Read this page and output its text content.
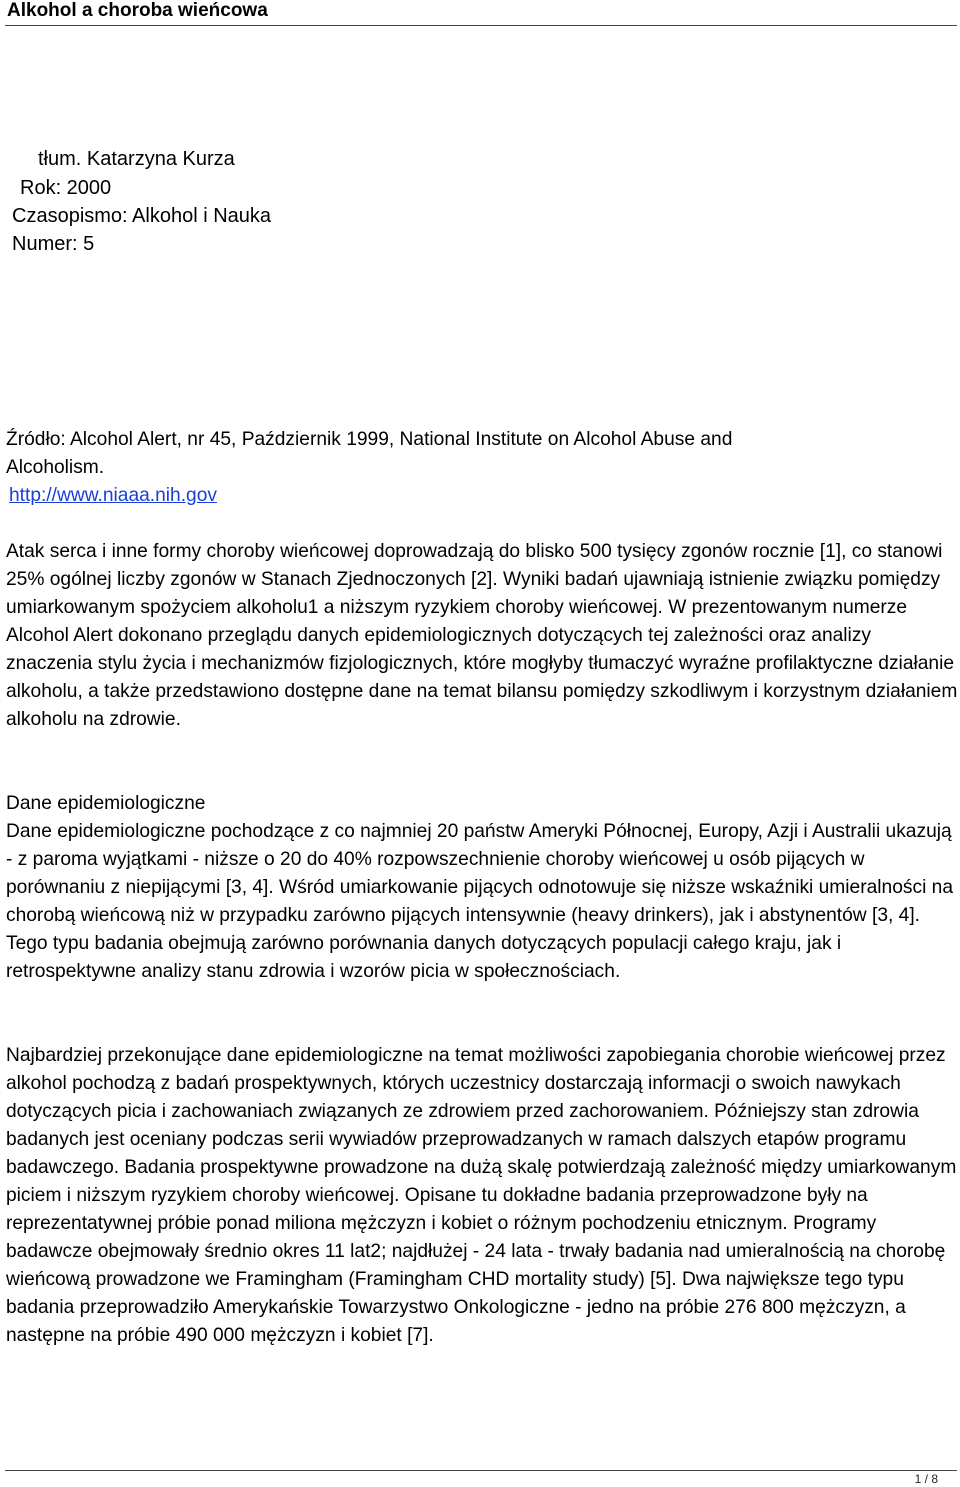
Alkohol a choroba wieńcowa
tłum. Katarzyna Kurza
Rok: 2000
Czasopismo: Alkohol i Nauka
Numer: 5
Źródło: Alcohol Alert, nr 45, Październik 1999, National Institute on Alcohol Abuse and
Alcoholism.
http://www.niaaa.nih.gov

Atak serca i inne formy choroby wieńcowej doprowadzają do blisko 500 tysięcy zgonów rocznie [1], co stanowi 25% ogólnej liczby zgonów w Stanach Zjednoczonych [2]. Wyniki badań ujawniają istnienie związku pomiędzy umiarkowanym spożyciem alkoholu1 a niższym ryzykiem choroby wieńcowej. W prezentowanym numerze Alcohol Alert dokonano przeglądu danych epidemiologicznych dotyczących tej zależności oraz analizy znaczenia stylu życia i mechanizmów fizjologicznych, które mogłyby tłumaczyć wyraźne profilaktyczne działanie alkoholu, a także przedstawiono dostępne dane na temat bilansu pomiędzy szkodliwym i korzystnym działaniem alkoholu na zdrowie.

Dane epidemiologiczne

Dane epidemiologiczne pochodzące z co najmniej 20 państw Ameryki Północnej, Europy, Azji i Australii ukazują - z paroma wyjątkami - niższe o 20 do 40% rozpowszechnienie choroby wieńcowej u osób pijących w porównaniu z niepijącymi [3, 4]. Wśród umiarkowanie pijących odnotowuje się niższe wskaźniki umieralności na chorobą wieńcową niż w przypadku zarówno pijących intensywnie (heavy drinkers), jak i abstynentów [3, 4]. Tego typu badania obejmują zarówno porównania danych dotyczących populacji całego kraju, jak i retrospektywne analizy stanu zdrowia i wzorów picia w społecznościach.

Najbardziej przekonujące dane epidemiologiczne na temat możliwości zapobiegania chorobie wieńcowej przez alkohol pochodzą z badań prospektywnych, których uczestnicy dostarczają informacji o swoich nawykach dotyczących picia i zachowaniach związanych ze zdrowiem przed zachorowaniem. Późniejszy stan zdrowia badanych jest oceniany podczas serii wywiadów przeprowadzanych w ramach dalszych etapów programu badawczego. Badania prospektywne prowadzone na dużą skalę potwierdzają zależność między umiarkowanym piciem i niższym ryzykiem choroby wieńcowej. Opisane tu dokładne badania przeprowadzone były na reprezentatywnej próbie ponad miliona mężczyzn i kobiet o różnym pochodzeniu etnicznym. Programy badawcze obejmowały średnio okres 11 lat2; najdłużej - 24 lata - trwały badania nad umieralnością na chorobę wieńcową prowadzone we Framingham (Framingham CHD mortality study) [5]. Dwa największe tego typu badania przeprowadziło Amerykańskie Towarzystwo Onkologiczne - jedno na próbie 276 800 mężczyzn, a następne na próbie 490 000 mężczyzn i kobiet [7].

1 / 8
